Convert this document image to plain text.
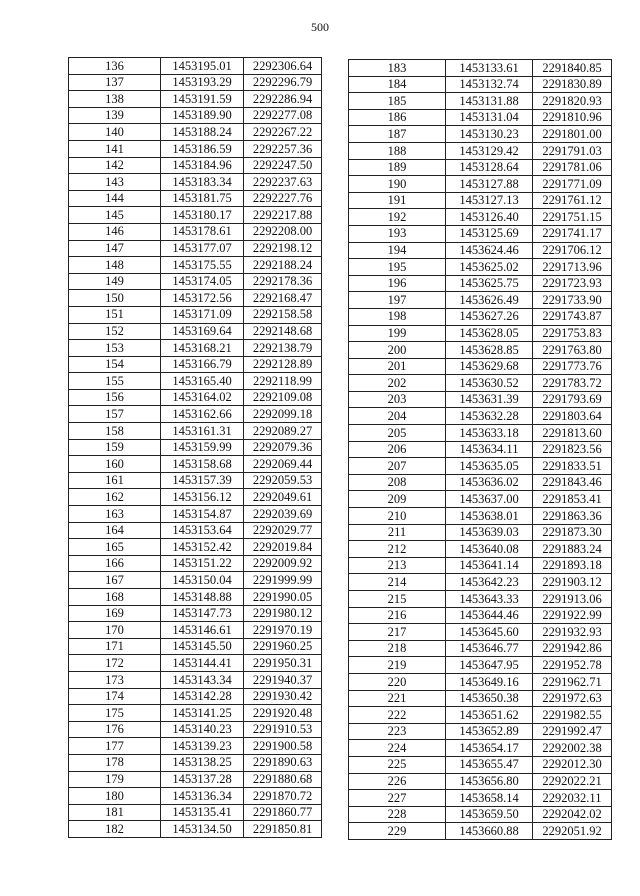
500
136	1453195.01	2292306.64
137	1453193.29	2292296.79
138	1453191.59	2292286.94
139	1453189.90	2292277.08
140	1453188.24	2292267.22
141	1453186.59	2292257.36
142	1453184.96	2292247.50
143	1453183.34	2292237.63
144	1453181.75	2292227.76
145	1453180.17	2292217.88
146	1453178.61	2292208.00
147	1453177.07	2292198.12
148	1453175.55	2292188.24
149	1453174.05	2292178.36
150	1453172.56	2292168.47
151	1453171.09	2292158.58
152	1453169.64	2292148.68
153	1453168.21	2292138.79
154	1453166.79	2292128.89
155	1453165.40	2292118.99
156	1453164.02	2292109.08
157	1453162.66	2292099.18
158	1453161.31	2292089.27
159	1453159.99	2292079.36
160	1453158.68	2292069.44
161	1453157.39	2292059.53
162	1453156.12	2292049.61
163	1453154.87	2292039.69
164	1453153.64	2292029.77
165	1453152.42	2292019.84
166	1453151.22	2292009.92
167	1453150.04	2291999.99
168	1453148.88	2291990.05
169	1453147.73	2291980.12
170	1453146.61	2291970.19
171	1453145.50	2291960.25
172	1453144.41	2291950.31
173	1453143.34	2291940.37
174	1453142.28	2291930.42
175	1453141.25	2291920.48
176	1453140.23	2291910.53
177	1453139.23	2291900.58
178	1453138.25	2291890.63
179	1453137.28	2291880.68
180	1453136.34	2291870.72
181	1453135.41	2291860.77
182	1453134.50	2291850.81
183	1453133.61	2291840.85
184	1453132.74	2291830.89
185	1453131.88	2291820.93
186	1453131.04	2291810.96
187	1453130.23	2291801.00
188	1453129.42	2291791.03
189	1453128.64	2291781.06
190	1453127.88	2291771.09
191	1453127.13	2291761.12
192	1453126.40	2291751.15
193	1453125.69	2291741.17
194	1453624.46	2291706.12
195	1453625.02	2291713.96
196	1453625.75	2291723.93
197	1453626.49	2291733.90
198	1453627.26	2291743.87
199	1453628.05	2291753.83
200	1453628.85	2291763.80
201	1453629.68	2291773.76
202	1453630.52	2291783.72
203	1453631.39	2291793.69
204	1453632.28	2291803.64
205	1453633.18	2291813.60
206	1453634.11	2291823.56
207	1453635.05	2291833.51
208	1453636.02	2291843.46
209	1453637.00	2291853.41
210	1453638.01	2291863.36
211	1453639.03	2291873.30
212	1453640.08	2291883.24
213	1453641.14	2291893.18
214	1453642.23	2291903.12
215	1453643.33	2291913.06
216	1453644.46	2291922.99
217	1453645.60	2291932.93
218	1453646.77	2291942.86
219	1453647.95	2291952.78
220	1453649.16	2291962.71
221	1453650.38	2291972.63
222	1453651.62	2291982.55
223	1453652.89	2291992.47
224	1453654.17	2292002.38
225	1453655.47	2292012.30
226	1453656.80	2292022.21
227	1453658.14	2292032.11
228	1453659.50	2292042.02
229	1453660.88	2292051.92
